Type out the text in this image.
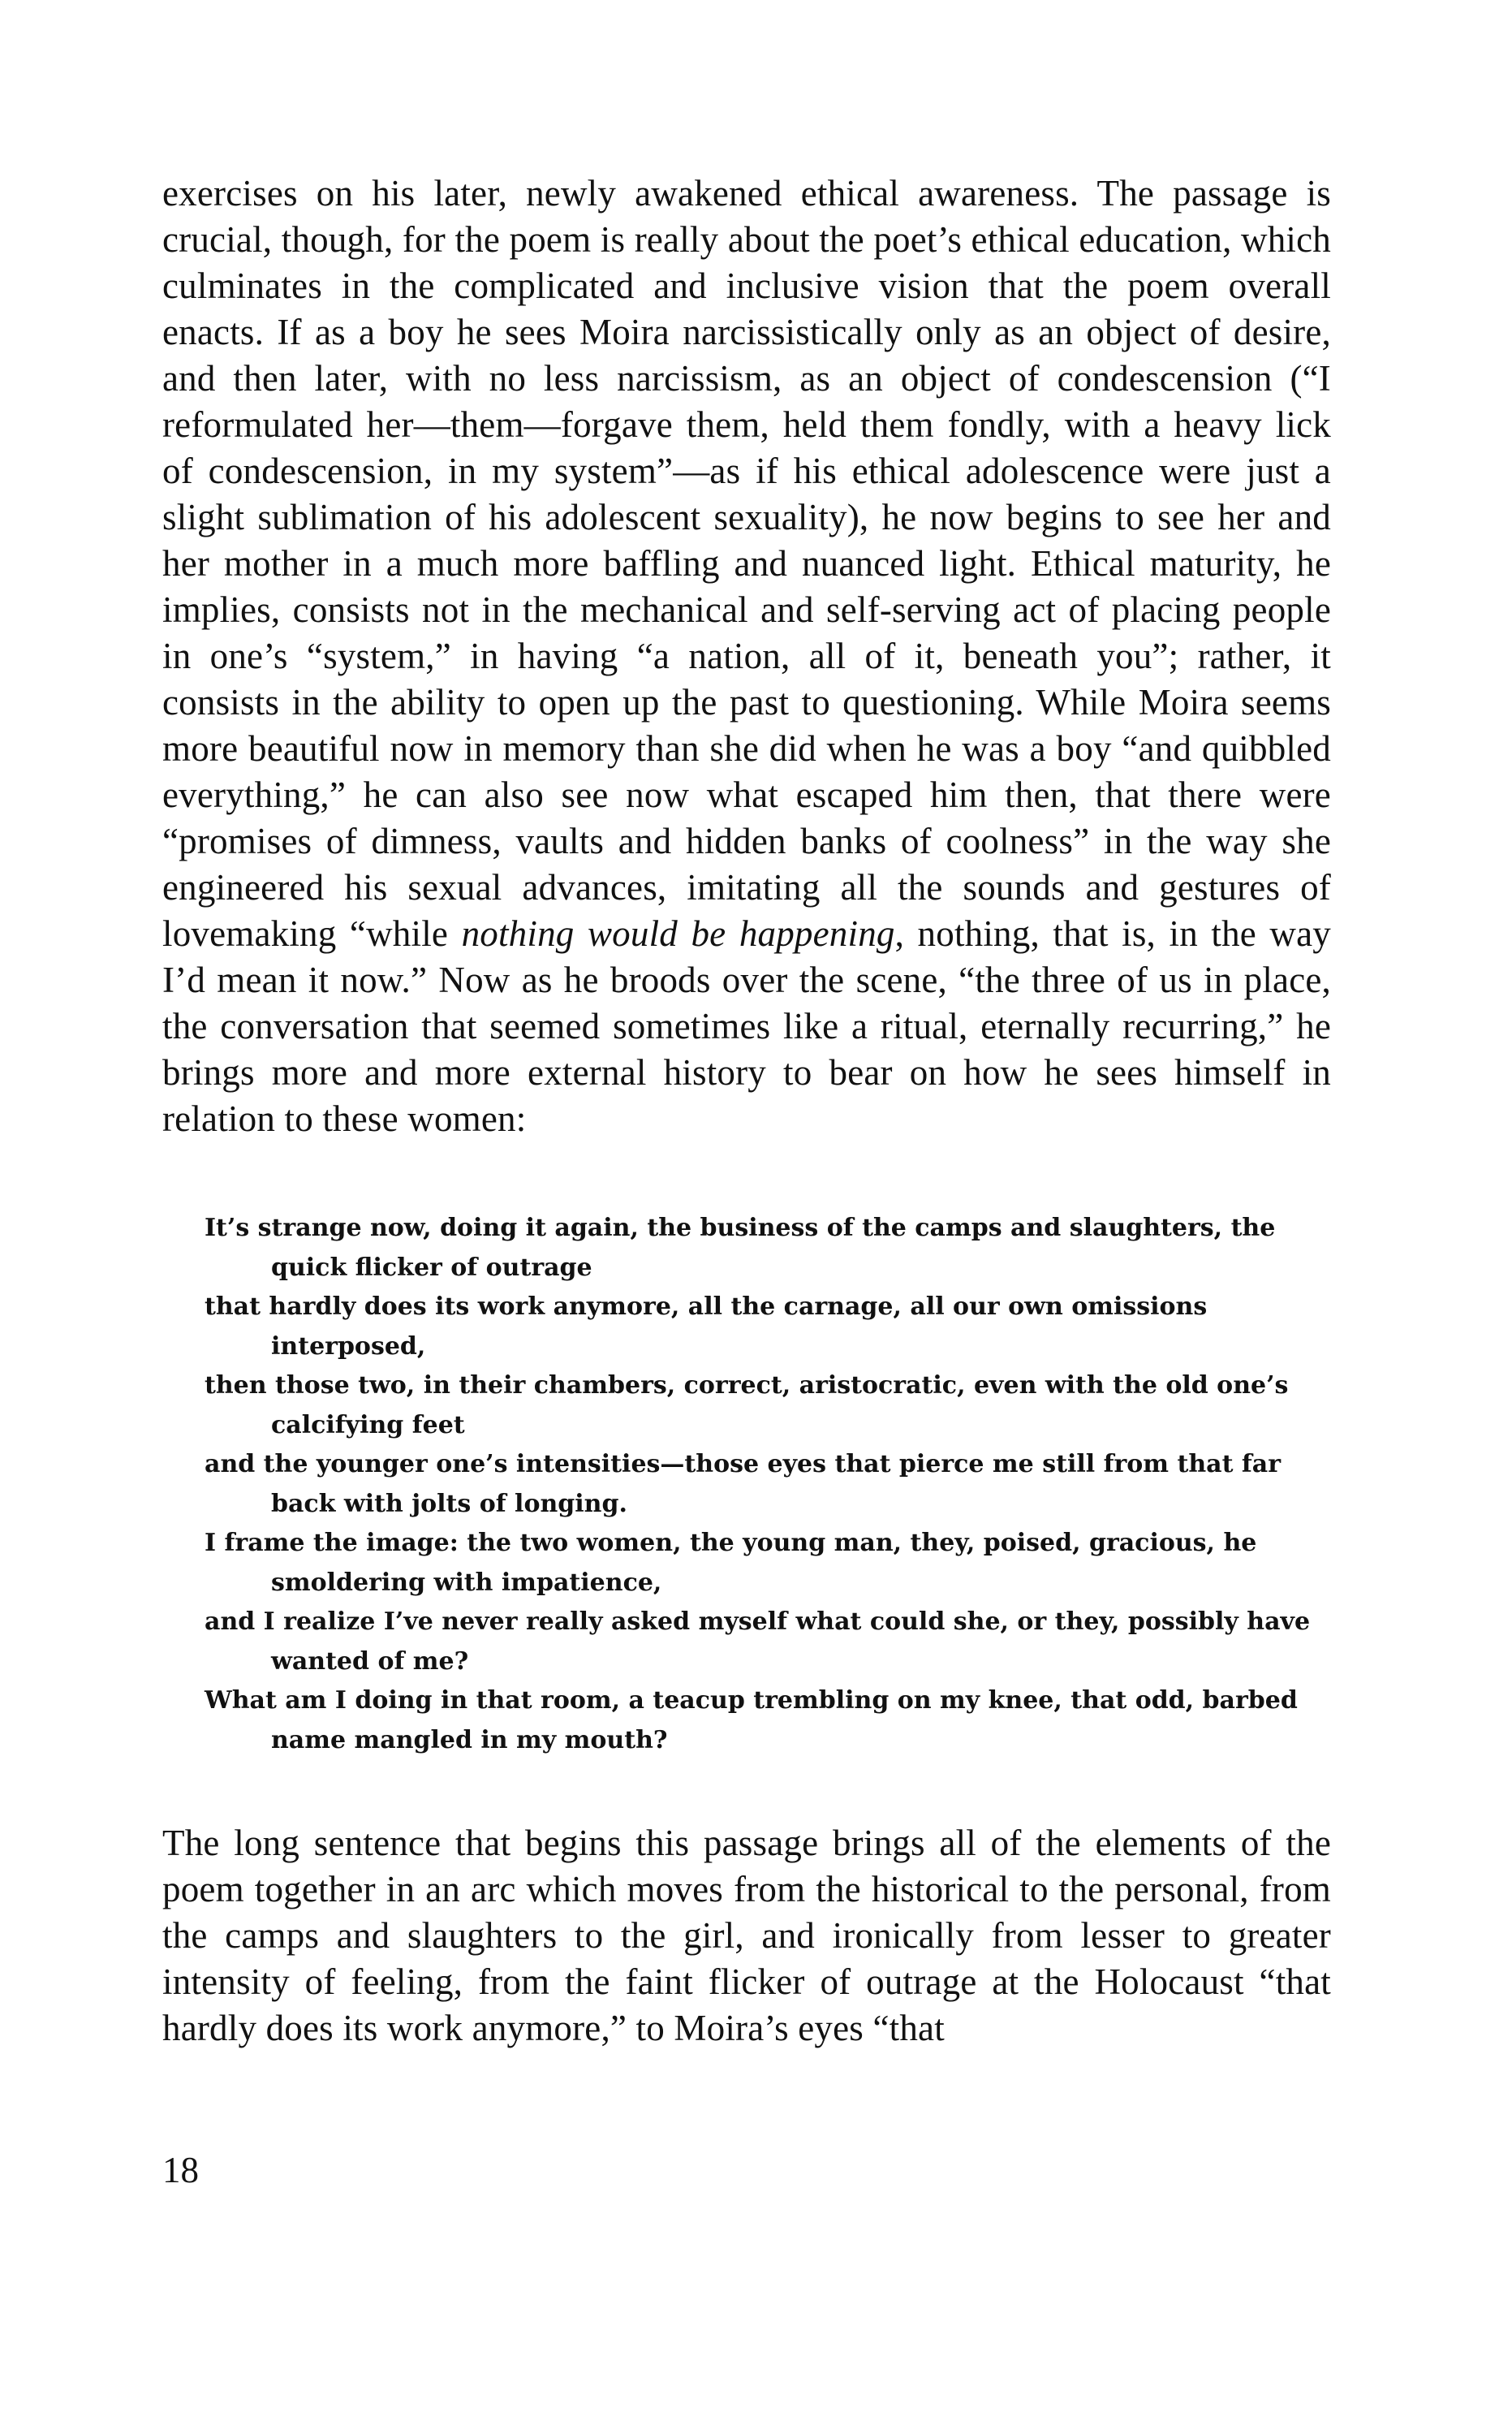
exercises on his later, newly awakened ethical awareness. The passage is crucial, though, for the poem is really about the poet’s ethical education, which culminates in the complicated and inclusive vision that the poem overall enacts. If as a boy he sees Moira narcissistically only as an object of desire, and then later, with no less narcissism, as an object of condescension (“I reformulated her—them—forgave them, held them fondly, with a heavy lick of condescension, in my system”—as if his ethical adolescence were just a slight sublimation of his adolescent sexuality), he now begins to see her and her mother in a much more baffling and nuanced light. Ethical maturity, he implies, consists not in the mechanical and self-serving act of placing people in one’s “system,” in having “a nation, all of it, beneath you”; rather, it consists in the ability to open up the past to questioning. While Moira seems more beautiful now in memory than she did when he was a boy “and quibbled everything,” he can also see now what escaped him then, that there were “promises of dimness, vaults and hidden banks of coolness” in the way she engineered his sexual advances, imitating all the sounds and gestures of lovemaking “while nothing would be happening, nothing, that is, in the way I’d mean it now.” Now as he broods over the scene, “the three of us in place, the conversation that seemed sometimes like a ritual, eternally recurring,” he brings more and more external history to bear on how he sees himself in relation to these women:

It’s strange now, doing it again, the business of the camps and slaughters, the quick flicker of outrage

that hardly does its work anymore, all the carnage, all our own omissions interposed,

then those two, in their chambers, correct, aristocratic, even with the old one’s calcifying feet

and the younger one’s intensities—those eyes that pierce me still from that far back with jolts of longing.

I frame the image: the two women, the young man, they, poised, gracious, he smoldering with impatience,

and I realize I’ve never really asked myself what could she, or they, possibly have wanted of me?

What am I doing in that room, a teacup trembling on my knee, that odd, barbed name mangled in my mouth?

The long sentence that begins this passage brings all of the elements of the poem together in an arc which moves from the historical to the personal, from the camps and slaughters to the girl, and ironically from lesser to greater intensity of feeling, from the faint flicker of outrage at the Holocaust “that hardly does its work anymore,” to Moira’s eyes “that

18
